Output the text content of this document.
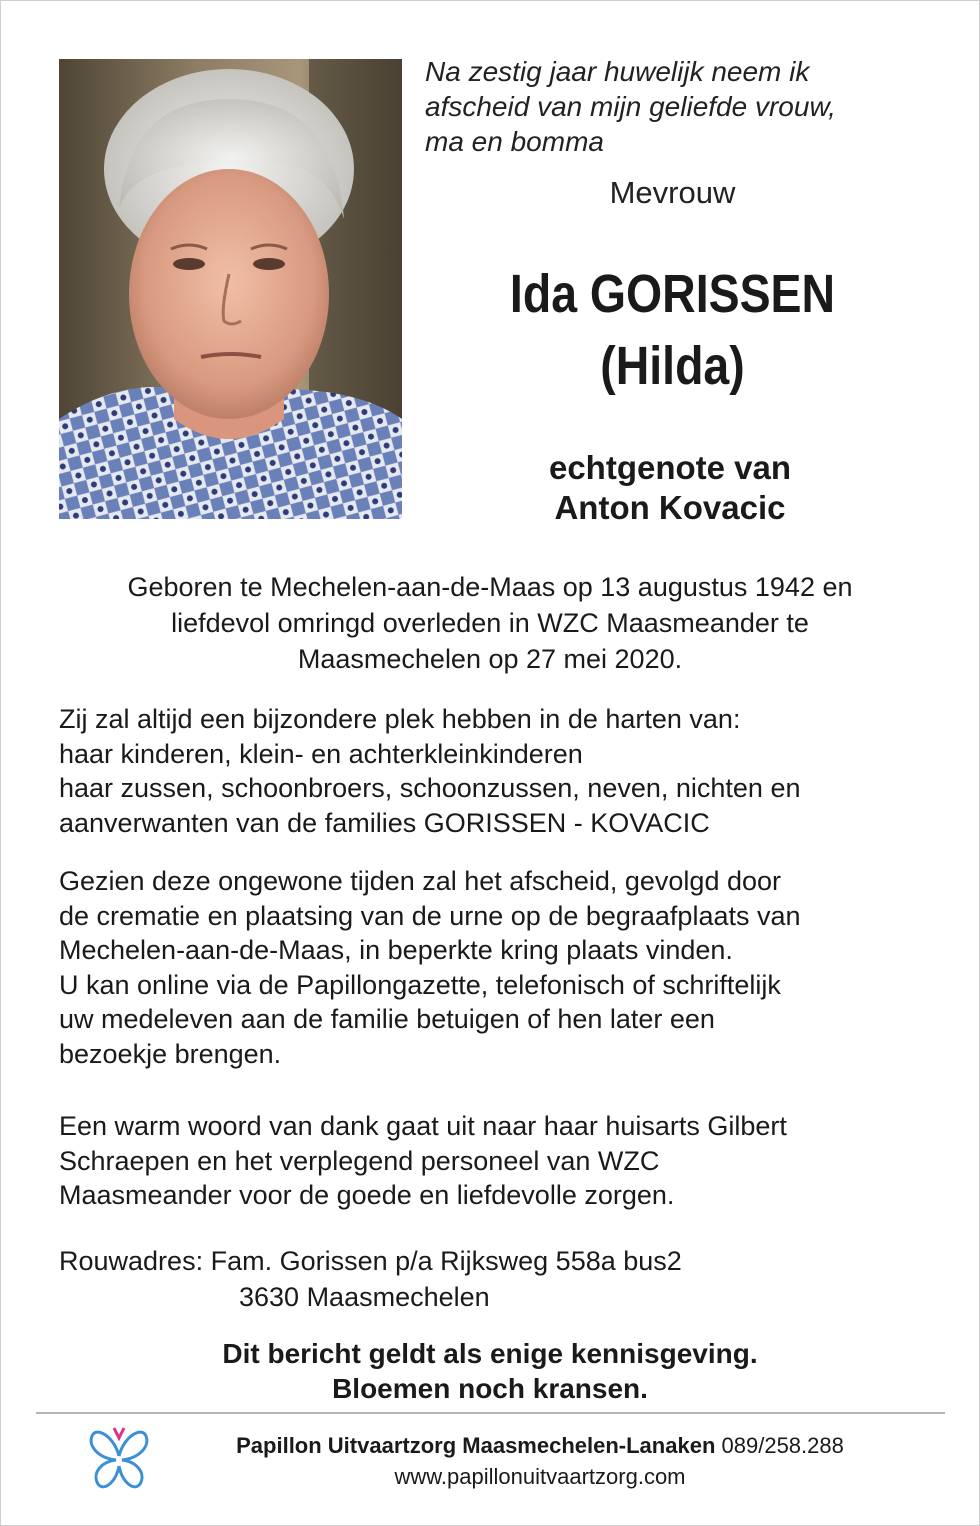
Na zestig jaar huwelijk neem ik
afscheid van mijn geliefde vrouw,
ma en bomma
Mevrouw
Ida GORISSEN
(Hilda)
echtgenote van
Anton Kovacic
Geboren te Mechelen-aan-de-Maas op 13 augustus 1942 en
liefdevol omringd overleden in WZC Maasmeander te
Maasmechelen op 27 mei 2020.
Zij zal altijd een bijzondere plek hebben in de harten van:
haar kinderen, klein- en achterkleinkinderen
haar zussen, schoonbroers, schoonzussen, neven, nichten en
aanverwanten van de families GORISSEN - KOVACIC
Gezien deze ongewone tijden zal het afscheid, gevolgd door
de crematie en plaatsing van de urne op de begraafplaats van
Mechelen-aan-de-Maas, in beperkte kring plaats vinden.
U kan online via de Papillongazette, telefonisch of schriftelijk
uw medeleven aan de familie betuigen of hen later een
bezoekje brengen.
Een warm woord van dank gaat uit naar haar huisarts Gilbert
Schraepen en het verplegend personeel van WZC
Maasmeander voor de goede en liefdevolle zorgen.
Rouwadres: Fam. Gorissen p/a Rijksweg 558a bus2
3630 Maasmechelen
Dit bericht geldt als enige kennisgeving.
Bloemen noch kransen.
Papillon Uitvaartzorg Maasmechelen-Lanaken 089/258.288
www.papillonuitvaartzorg.com
